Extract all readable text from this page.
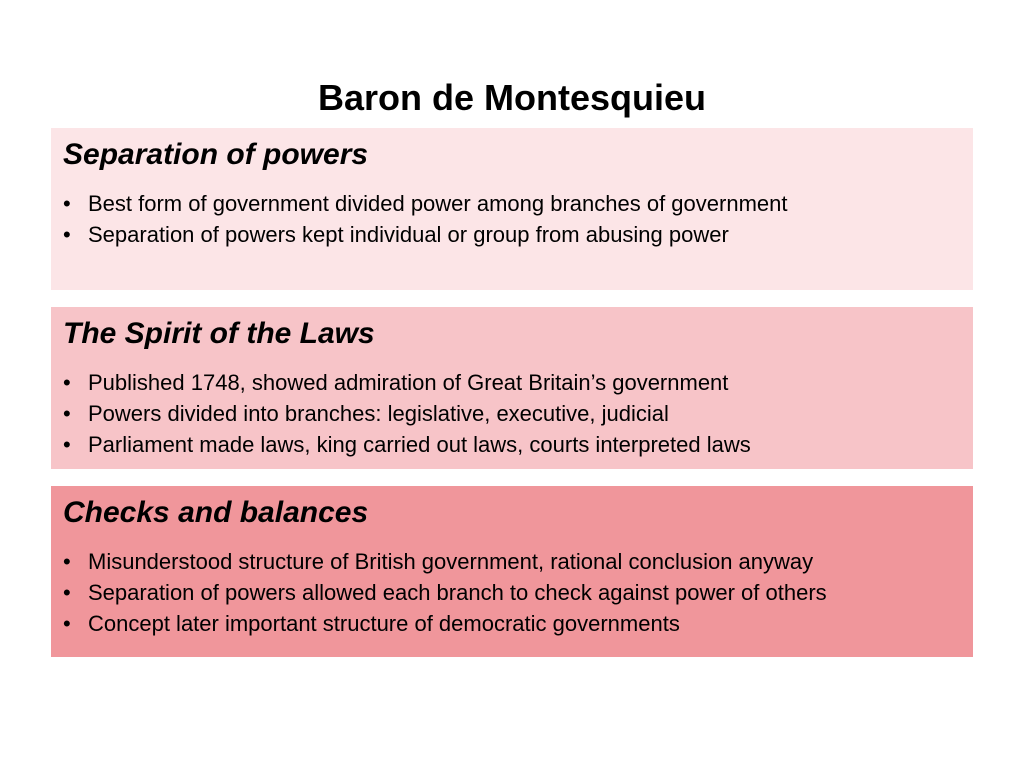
Baron de Montesquieu
Separation of powers
• Best form of government divided power among branches of government
• Separation of powers kept individual or group from abusing power
The Spirit of the Laws
• Published 1748, showed admiration of Great Britain’s government
• Powers divided into branches: legislative, executive, judicial
• Parliament made laws, king carried out laws, courts interpreted laws
Checks and balances
• Misunderstood structure of British government, rational conclusion anyway
• Separation of powers allowed each branch to check against power of others
• Concept later important structure of democratic governments
